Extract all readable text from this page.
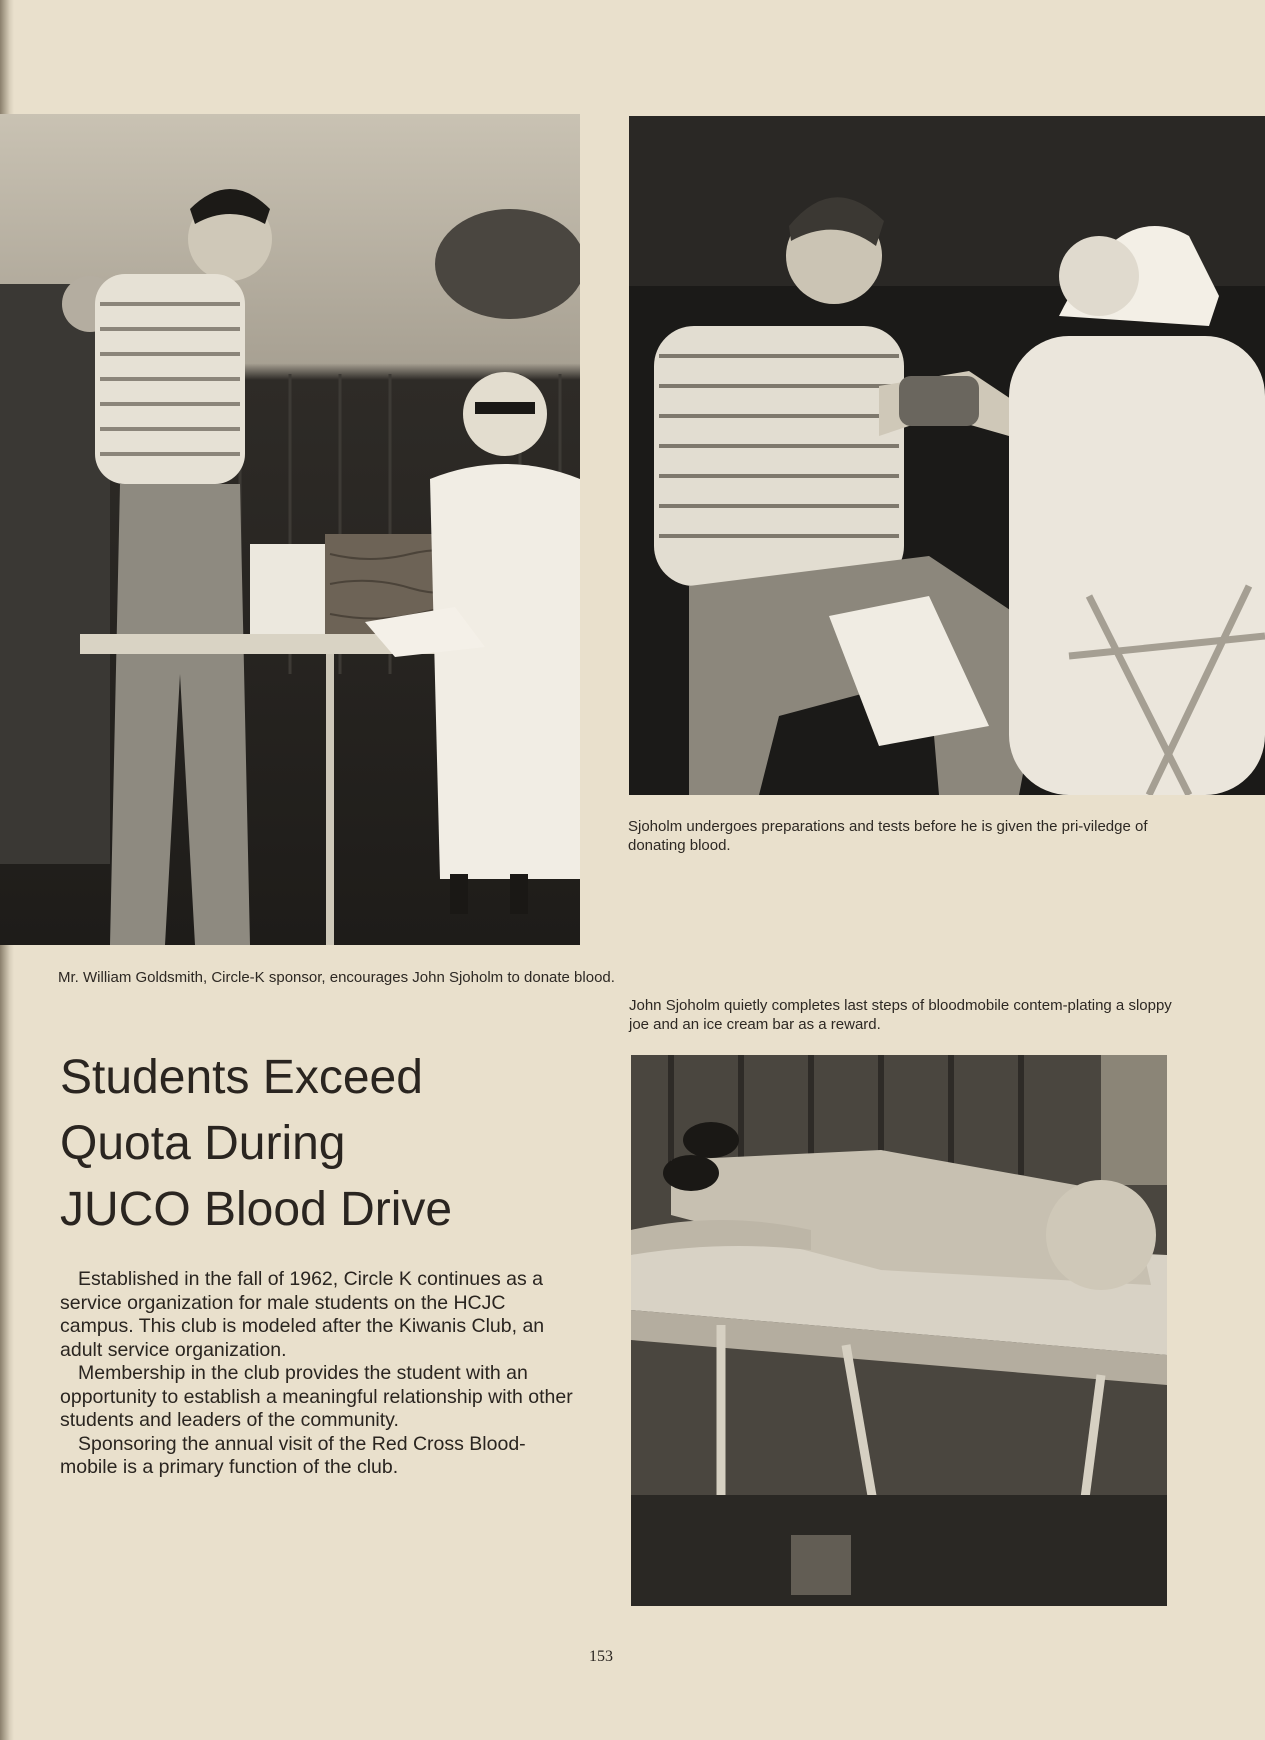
Sjoholm undergoes preparations and tests before he is given the pri-viledge of donating blood.

Mr. William Goldsmith, Circle-K sponsor, encourages John Sjoholm to donate blood.

John Sjoholm quietly completes last steps of bloodmobile contem-plating a sloppy joe and an ice cream bar as a reward.

Students Exceed
Quota During
JUCO Blood Drive

Established in the fall of 1962, Circle K continues as a service organization for male students on the HCJC campus. This club is modeled after the Kiwanis Club, an adult service organization.

Membership in the club provides the student with an opportunity to establish a meaningful relationship with other students and leaders of the community.

Sponsoring the annual visit of the Red Cross Blood-mobile is a primary function of the club.

153
